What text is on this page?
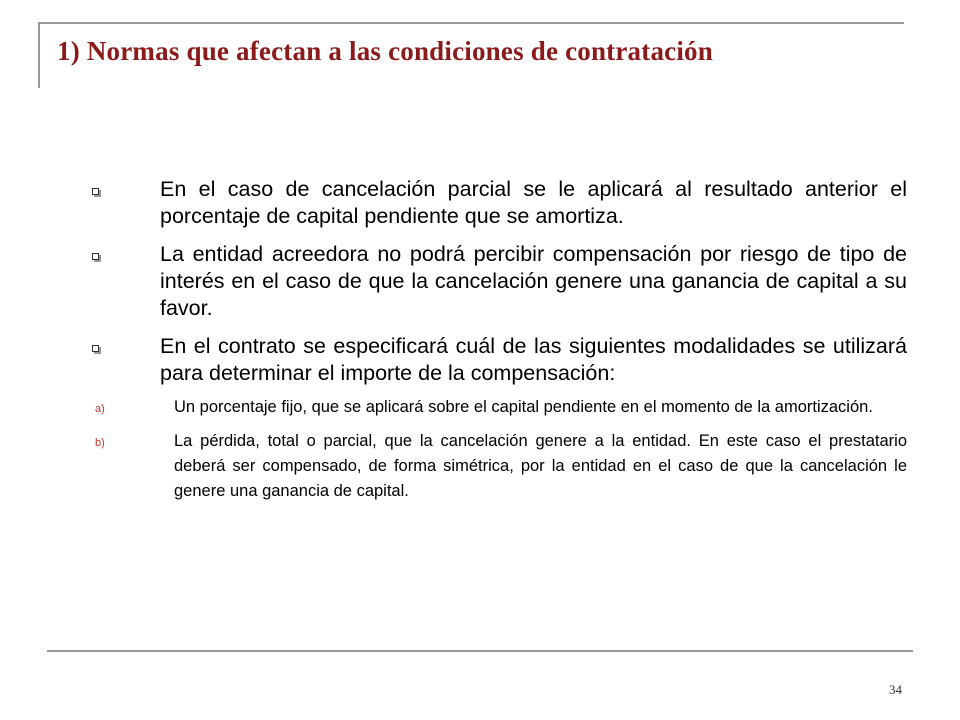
1) Normas que afectan a las condiciones de contratación
En el caso de cancelación parcial se le aplicará al resultado anterior el porcentaje de capital pendiente que se amortiza.
La entidad acreedora no podrá percibir compensación por riesgo de tipo de interés en el caso de que la cancelación genere una ganancia de capital a su favor.
En el contrato se especificará cuál de las siguientes modalidades se utilizará para determinar el importe de la compensación:
a)	Un porcentaje fijo, que se aplicará sobre el capital pendiente en el momento de la amortización.
b)	La pérdida, total o parcial, que la cancelación genere a la entidad. En este caso el prestatario deberá ser compensado, de forma simétrica, por la entidad en el caso de que la cancelación le genere una ganancia de capital.
34
